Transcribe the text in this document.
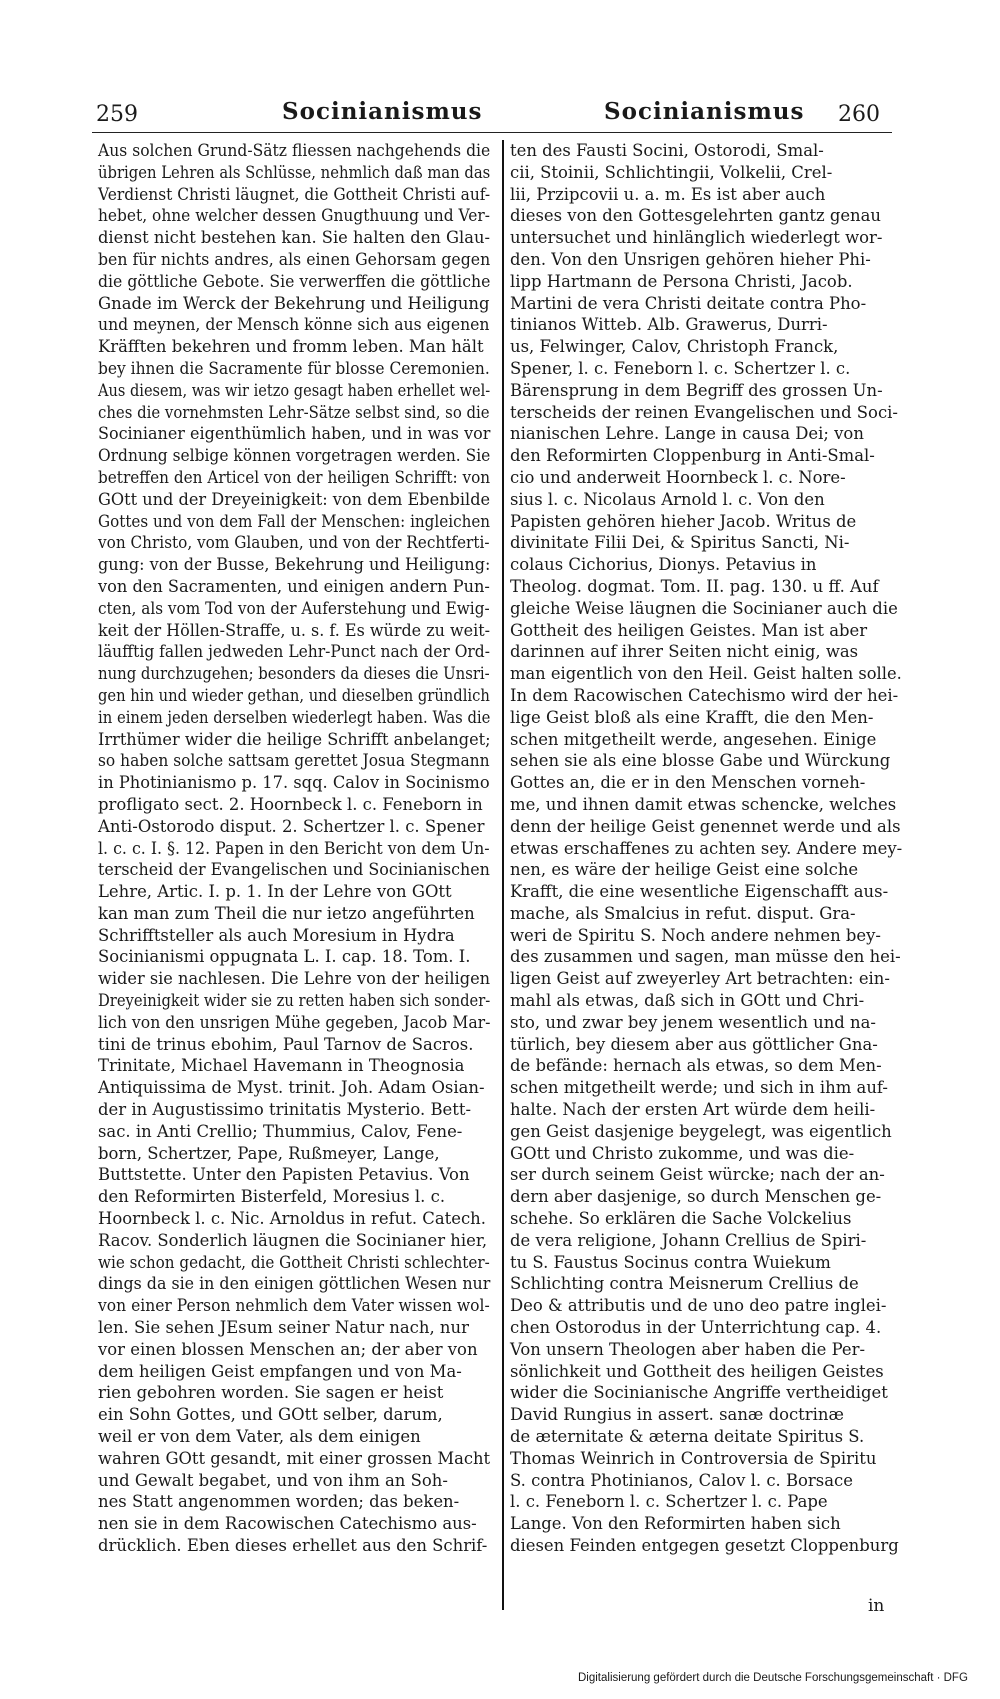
259	Socinianismus	Socinianismus 260
Aus solchen Grund-Sätz fliessen nachgehends die
übrigen Lehren als Schlüsse, nehmlich daß man das
Verdienst Christi läugnet, die Gottheit Christi auf-
hebet, ohne welcher dessen Gnugthuung und Ver-
dienst nicht bestehen kan. Sie halten den Glau-
ben für nichts andres, als einen Gehorsam gegen
die göttliche Gebote. Sie verwerffen die göttliche
Gnade im Werck der Bekehrung und Heiligung
und meynen, der Mensch könne sich aus eigenen
Kräfften bekehren und fromm leben. Man hält
bey ihnen die Sacramente für blosse Ceremonien.
Aus diesem, was wir ietzo gesagt haben erhellet wel-
ches die vornehmsten Lehr-Sätze selbst sind, so die
Socinianer eigenthümlich haben, und in was vor
Ordnung selbige können vorgetragen werden. Sie
betreffen den Articel von der heiligen Schrifft: von
GOtt und der Dreyeinigkeit: von dem Ebenbilde
Gottes und von dem Fall der Menschen: ingleichen
von Christo, vom Glauben, und von der Rechtferti-
gung: von der Busse, Bekehrung und Heiligung:
von den Sacramenten, und einigen andern Pun-
cten, als vom Tod von der Auferstehung und Ewig-
keit der Höllen-Straffe, u. s. f. Es würde zu weit-
läufftig fallen jedweden Lehr-Punct nach der Ord-
nung durchzugehen; besonders da dieses die Unsri-
gen hin und wieder gethan, und dieselben gründlich
in einem jeden derselben wiederlegt haben. Was die
Irrthümer wider die heilige Schrifft anbelanget;
so haben solche sattsam gerettet Josua Stegmann
in Photinianismo p. 17. sqq. Calov in Socinismo
profligato sect. 2. Hoornbeck l. c. Feneborn in
Anti-Ostorodo disput. 2. Schertzer l. c. Spener
l. c. c. I. §. 12. Papen in den Bericht von dem Un-
terscheid der Evangelischen und Socinianischen
Lehre, Artic. I. p. 1. In der Lehre von GOtt
kan man zum Theil die nur ietzo angeführten
Schrifftsteller als auch Moresium in Hydra
Socinianismi oppugnata L. I. cap. 18. Tom. I.
wider sie nachlesen. Die Lehre von der heiligen
Dreyeinigkeit wider sie zu retten haben sich sonder-
lich von den unsrigen Mühe gegeben, Jacob Mar-
tini de trinus ebohim, Paul Tarnov de Sacros.
Trinitate, Michael Havemann in Theognosia
Antiquissima de Myst. trinit. Joh. Adam Osian-
der in Augustissimo trinitatis Mysterio. Bett-
sac. in Anti Crellio; Thummius, Calov, Fene-
born, Schertzer, Pape, Rußmeyer, Lange,
Buttstette. Unter den Papisten Petavius. Von
den Reformirten Bisterfeld, Moresius l. c.
Hoornbeck l. c. Nic. Arnoldus in refut. Catech.
Racov. Sonderlich läugnen die Socinianer hier,
wie schon gedacht, die Gottheit Christi schlechter-
dings da sie in den einigen göttlichen Wesen nur
von einer Person nehmlich dem Vater wissen wol-
len. Sie sehen JEsum seiner Natur nach, nur
vor einen blossen Menschen an; der aber von
dem heiligen Geist empfangen und von Ma-
rien gebohren worden. Sie sagen er heist
ein Sohn Gottes, und GOtt selber, darum,
weil er von dem Vater, als dem einigen
wahren GOtt gesandt, mit einer grossen Macht
und Gewalt begabet, und von ihm an Soh-
nes Statt angenommen worden; das beken-
nen sie in dem Racowischen Catechismo aus-
drücklich. Eben dieses erhellet aus den Schrif-

ten des Fausti Socini, Ostorodi, Smal-
cii, Stoinii, Schlichtingii, Volkelii, Crel-
lii, Przipcovii u. a. m. Es ist aber auch
dieses von den Gottesgelehrten gantz genau
untersuchet und hinlänglich wiederlegt wor-
den. Von den Unsrigen gehören hieher Phi-
lipp Hartmann de Persona Christi, Jacob.
Martini de vera Christi deitate contra Pho-
tinianos Witteb. Alb. Grawerus, Durri-
us, Felwinger, Calov, Christoph Franck,
Spener, l. c. Feneborn l. c. Schertzer l. c.
Bärensprung in dem Begriff des grossen Un-
terscheids der reinen Evangelischen und Soci-
nianischen Lehre. Lange in causa Dei; von
den Reformirten Cloppenburg in Anti-Smal-
cio und anderweit Hoornbeck l. c. Nore-
sius l. c. Nicolaus Arnold l. c. Von den
Papisten gehören hieher Jacob. Writus de
divinitate Filii Dei, & Spiritus Sancti, Ni-
colaus Cichorius, Dionys. Petavius in
Theolog. dogmat. Tom. II. pag. 130. u ff. Auf
gleiche Weise läugnen die Socinianer auch die
Gottheit des heiligen Geistes. Man ist aber
darinnen auf ihrer Seiten nicht einig, was
man eigentlich von den Heil. Geist halten solle.
In dem Racowischen Catechismo wird der hei-
lige Geist bloß als eine Krafft, die den Men-
schen mitgetheilt werde, angesehen. Einige
sehen sie als eine blosse Gabe und Würckung
Gottes an, die er in den Menschen vorneh-
me, und ihnen damit etwas schencke, welches
denn der heilige Geist genennet werde und als
etwas erschaffenes zu achten sey. Andere mey-
nen, es wäre der heilige Geist eine solche
Krafft, die eine wesentliche Eigenschafft aus-
mache, als Smalcius in refut. disput. Gra-
weri de Spiritu S. Noch andere nehmen bey-
des zusammen und sagen, man müsse den hei-
ligen Geist auf zweyerley Art betrachten: ein-
mahl als etwas, daß sich in GOtt und Chri-
sto, und zwar bey jenem wesentlich und na-
türlich, bey diesem aber aus göttlicher Gna-
de befände: hernach als etwas, so dem Men-
schen mitgetheilt werde; und sich in ihm auf-
halte. Nach der ersten Art würde dem heili-
gen Geist dasjenige beygelegt, was eigentlich
GOtt und Christo zukomme, und was die-
ser durch seinem Geist würcke; nach der an-
dern aber dasjenige, so durch Menschen ge-
schehe. So erklären die Sache Volckelius
de vera religione, Johann Crellius de Spiri-
tu S. Faustus Socinus contra Wuiekum
Schlichting contra Meisnerum Crellius de
Deo & attributis und de uno deo patre inglei-
chen Ostorodus in der Unterrichtung cap. 4.
Von unsern Theologen aber haben die Per-
sönlichkeit und Gottheit des heiligen Geistes
wider die Socinianische Angriffe vertheidiget
David Rungius in assert. sanæ doctrinæ
de æternitate & æterna deitate Spiritus S.
Thomas Weinrich in Controversia de Spiritu
S. contra Photinianos, Calov l. c. Borsace
l. c. Feneborn l. c. Schertzer l. c. Pape
Lange. Von den Reformirten haben sich
diesen Feinden entgegen gesetzt Cloppenburg

in
Digitalisierung gefördert durch die Deutsche Forschungsgemeinschaft · DFG
